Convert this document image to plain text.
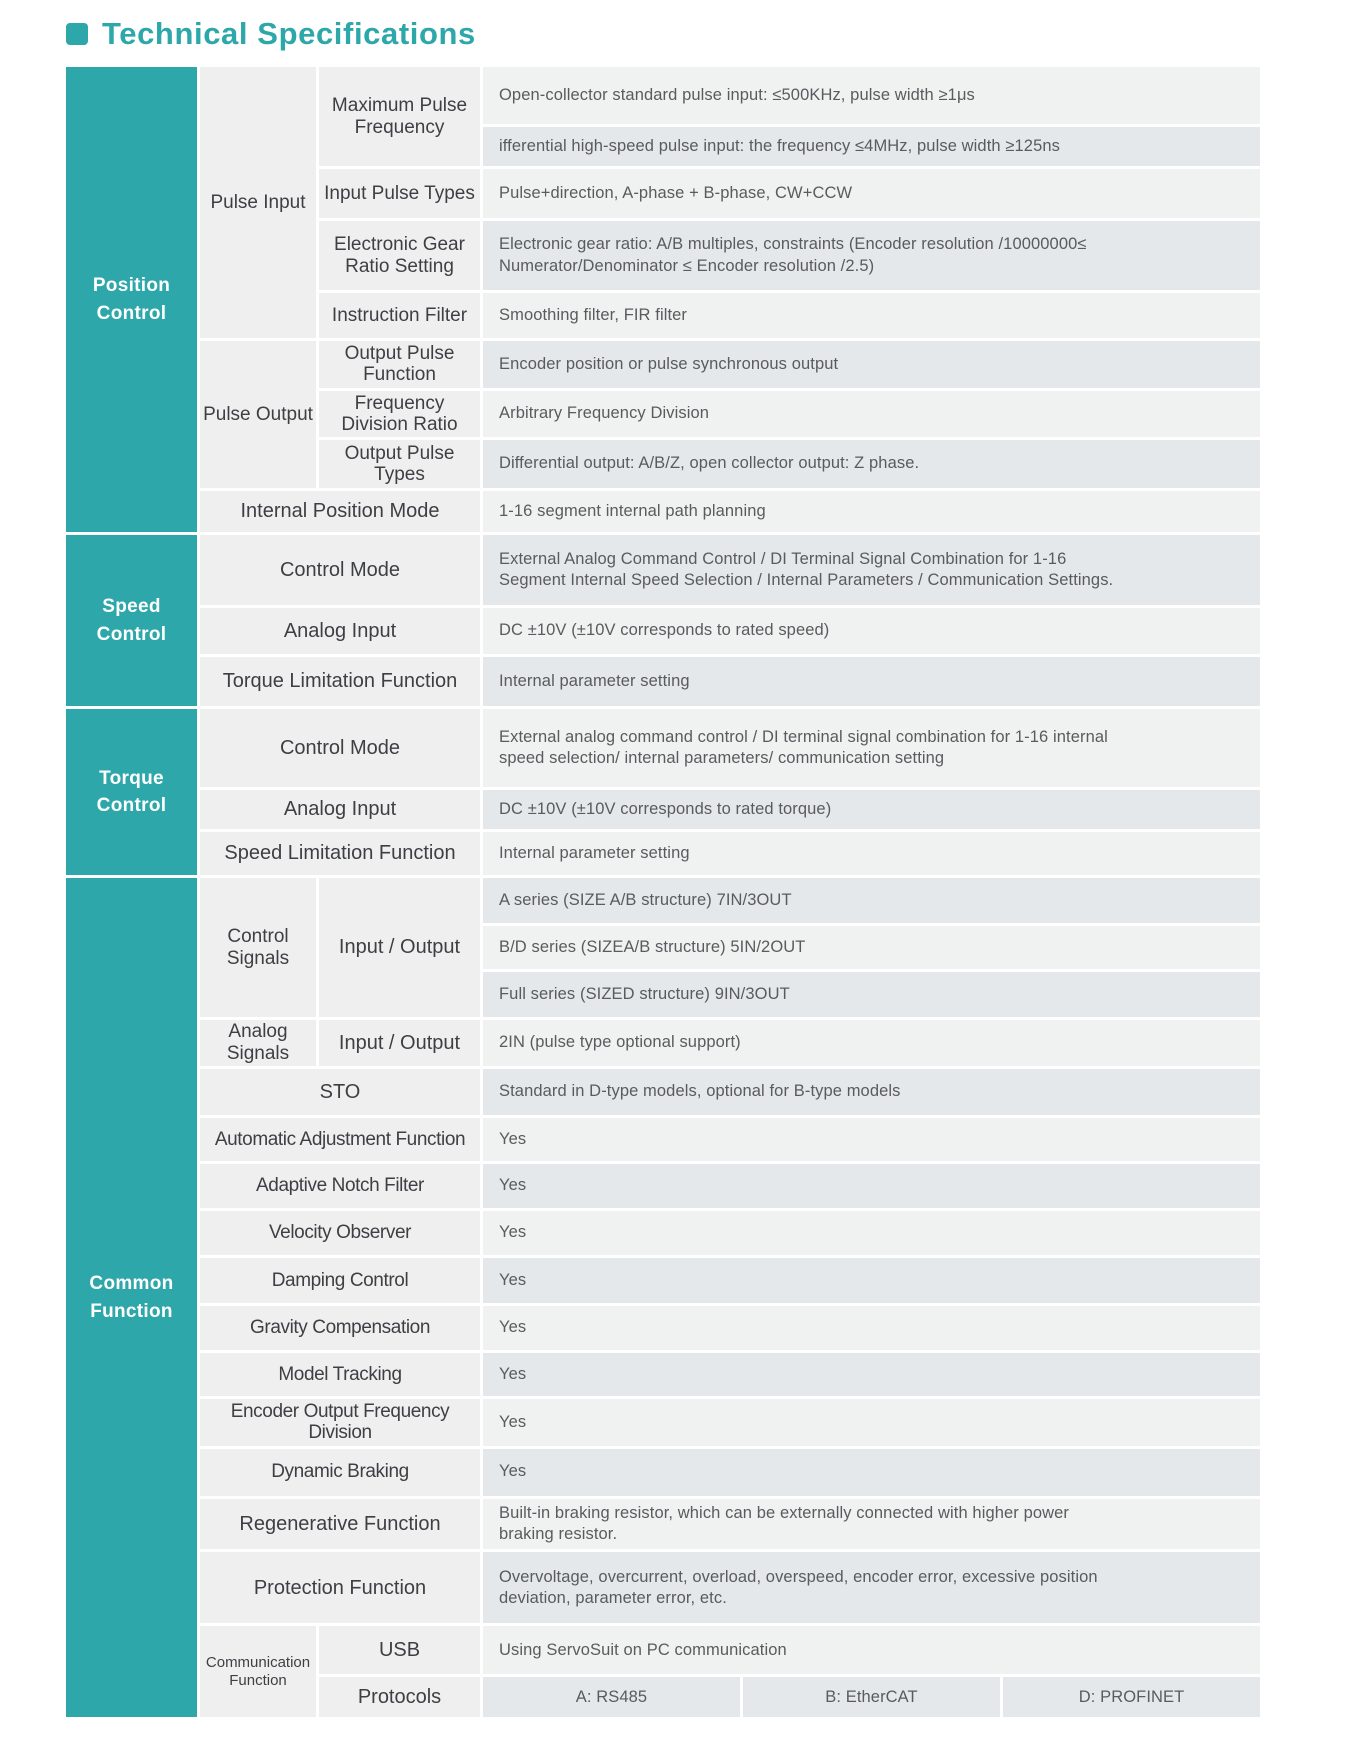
Technical Specifications
Position Control	Pulse Input	Maximum Pulse Frequency	Open-collector standard pulse input: ≤500KHz, pulse width ≥1μs		

			ifferential high-speed pulse input: the frequency ≤4MHz, pulse width ≥125ns		

		Input Pulse Types	Pulse+direction, A-phase + B-phase, CW+CCW		

		Electronic Gear Ratio Setting	Electronic gear ratio: A/B multiples, constraints (Encoder resolution /10000000≤ Numerator/Denominator ≤ Encoder resolution /2.5)		

		Instruction Filter	Smoothing filter, FIR filter		

	Pulse Output	Output Pulse Function	Encoder position or pulse synchronous output		

		Frequency Division Ratio	Arbitrary Frequency Division		

		Output Pulse Types	Differential output: A/B/Z, open collector output: Z phase.		

	Internal Position Mode		1-16 segment internal path planning		

Speed Control	Control Mode		External Analog Command Control / DI Terminal Signal Combination for 1-16 Segment Internal Speed Selection / Internal Parameters / Communication Settings.		

	Analog Input		DC ±10V (±10V corresponds to rated speed)		

	Torque Limitation Function		Internal parameter setting		

Torque Control	Control Mode		External analog command control / DI terminal signal combination for 1-16 internal speed selection/ internal parameters/ communication setting		

	Analog Input		DC ±10V (±10V corresponds to rated torque)		

	Speed Limitation Function		Internal parameter setting		

Common Function	Control Signals	Input / Output	A series (SIZE A/B structure) 7IN/3OUT		

			B/D series (SIZEA/B structure) 5IN/2OUT		

			Full series (SIZED structure) 9IN/3OUT		

	Analog Signals	Input / Output	2IN (pulse type optional support)		

	STO		Standard in D-type models, optional for B-type models		

	Automatic Adjustment Function		Yes		

	Adaptive Notch Filter		Yes		

	Velocity Observer		Yes		

	Damping Control		Yes		

	Gravity Compensation		Yes		

	Model Tracking		Yes		

	Encoder Output Frequency Division		Yes		

	Dynamic Braking		Yes		

	Regenerative Function		Built-in braking resistor, which can be externally connected with higher power braking resistor.		

	Protection Function		Overvoltage, overcurrent, overload, overspeed, encoder error, excessive position deviation, parameter error, etc.		

	Communication Function	USB	Using ServoSuit on PC communication		

		Protocols	A: RS485	B: EtherCAT	D: PROFINET
